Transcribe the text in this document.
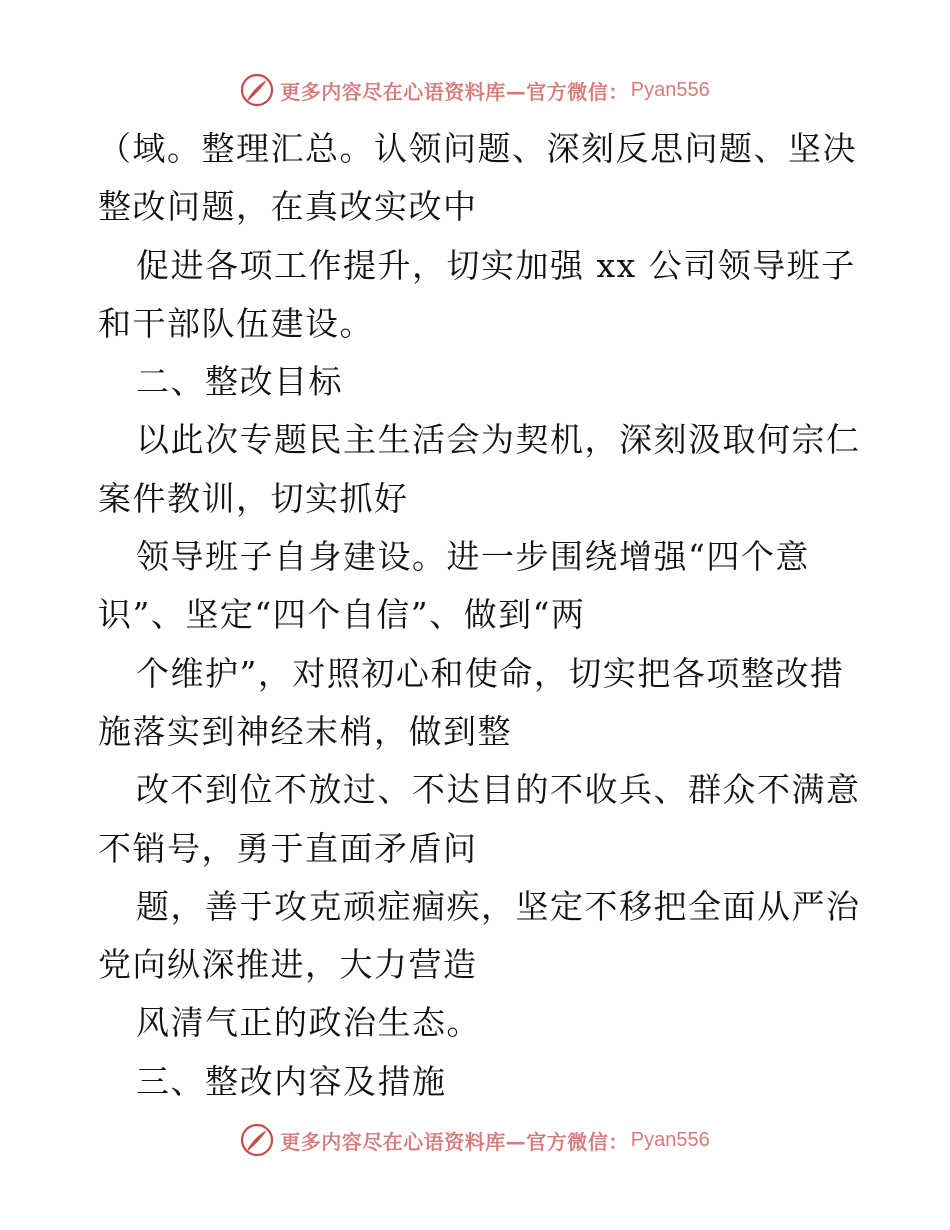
更多内容尽在心语资料库—官方微信： Pyan556
（域。整理汇总。认领问题、深刻反思问题、坚决
整改问题，在真改实改中
促进各项工作提升，切实加强 xx 公司领导班子
和干部队伍建设。
二、整改目标
以此次专题民主生活会为契机，深刻汲取何宗仁
案件教训，切实抓好
领导班子自身建设。进一步围绕增强“四个意
识”、坚定“四个自信”、做到“两
个维护”，对照初心和使命，切实把各项整改措
施落实到神经末梢，做到整
改不到位不放过、不达目的不收兵、群众不满意
不销号，勇于直面矛盾问
题，善于攻克顽症痼疾，坚定不移把全面从严治
党向纵深推进，大力营造
风清气正的政治生态。
三、整改内容及措施
更多内容尽在心语资料库—官方微信： Pyan556
